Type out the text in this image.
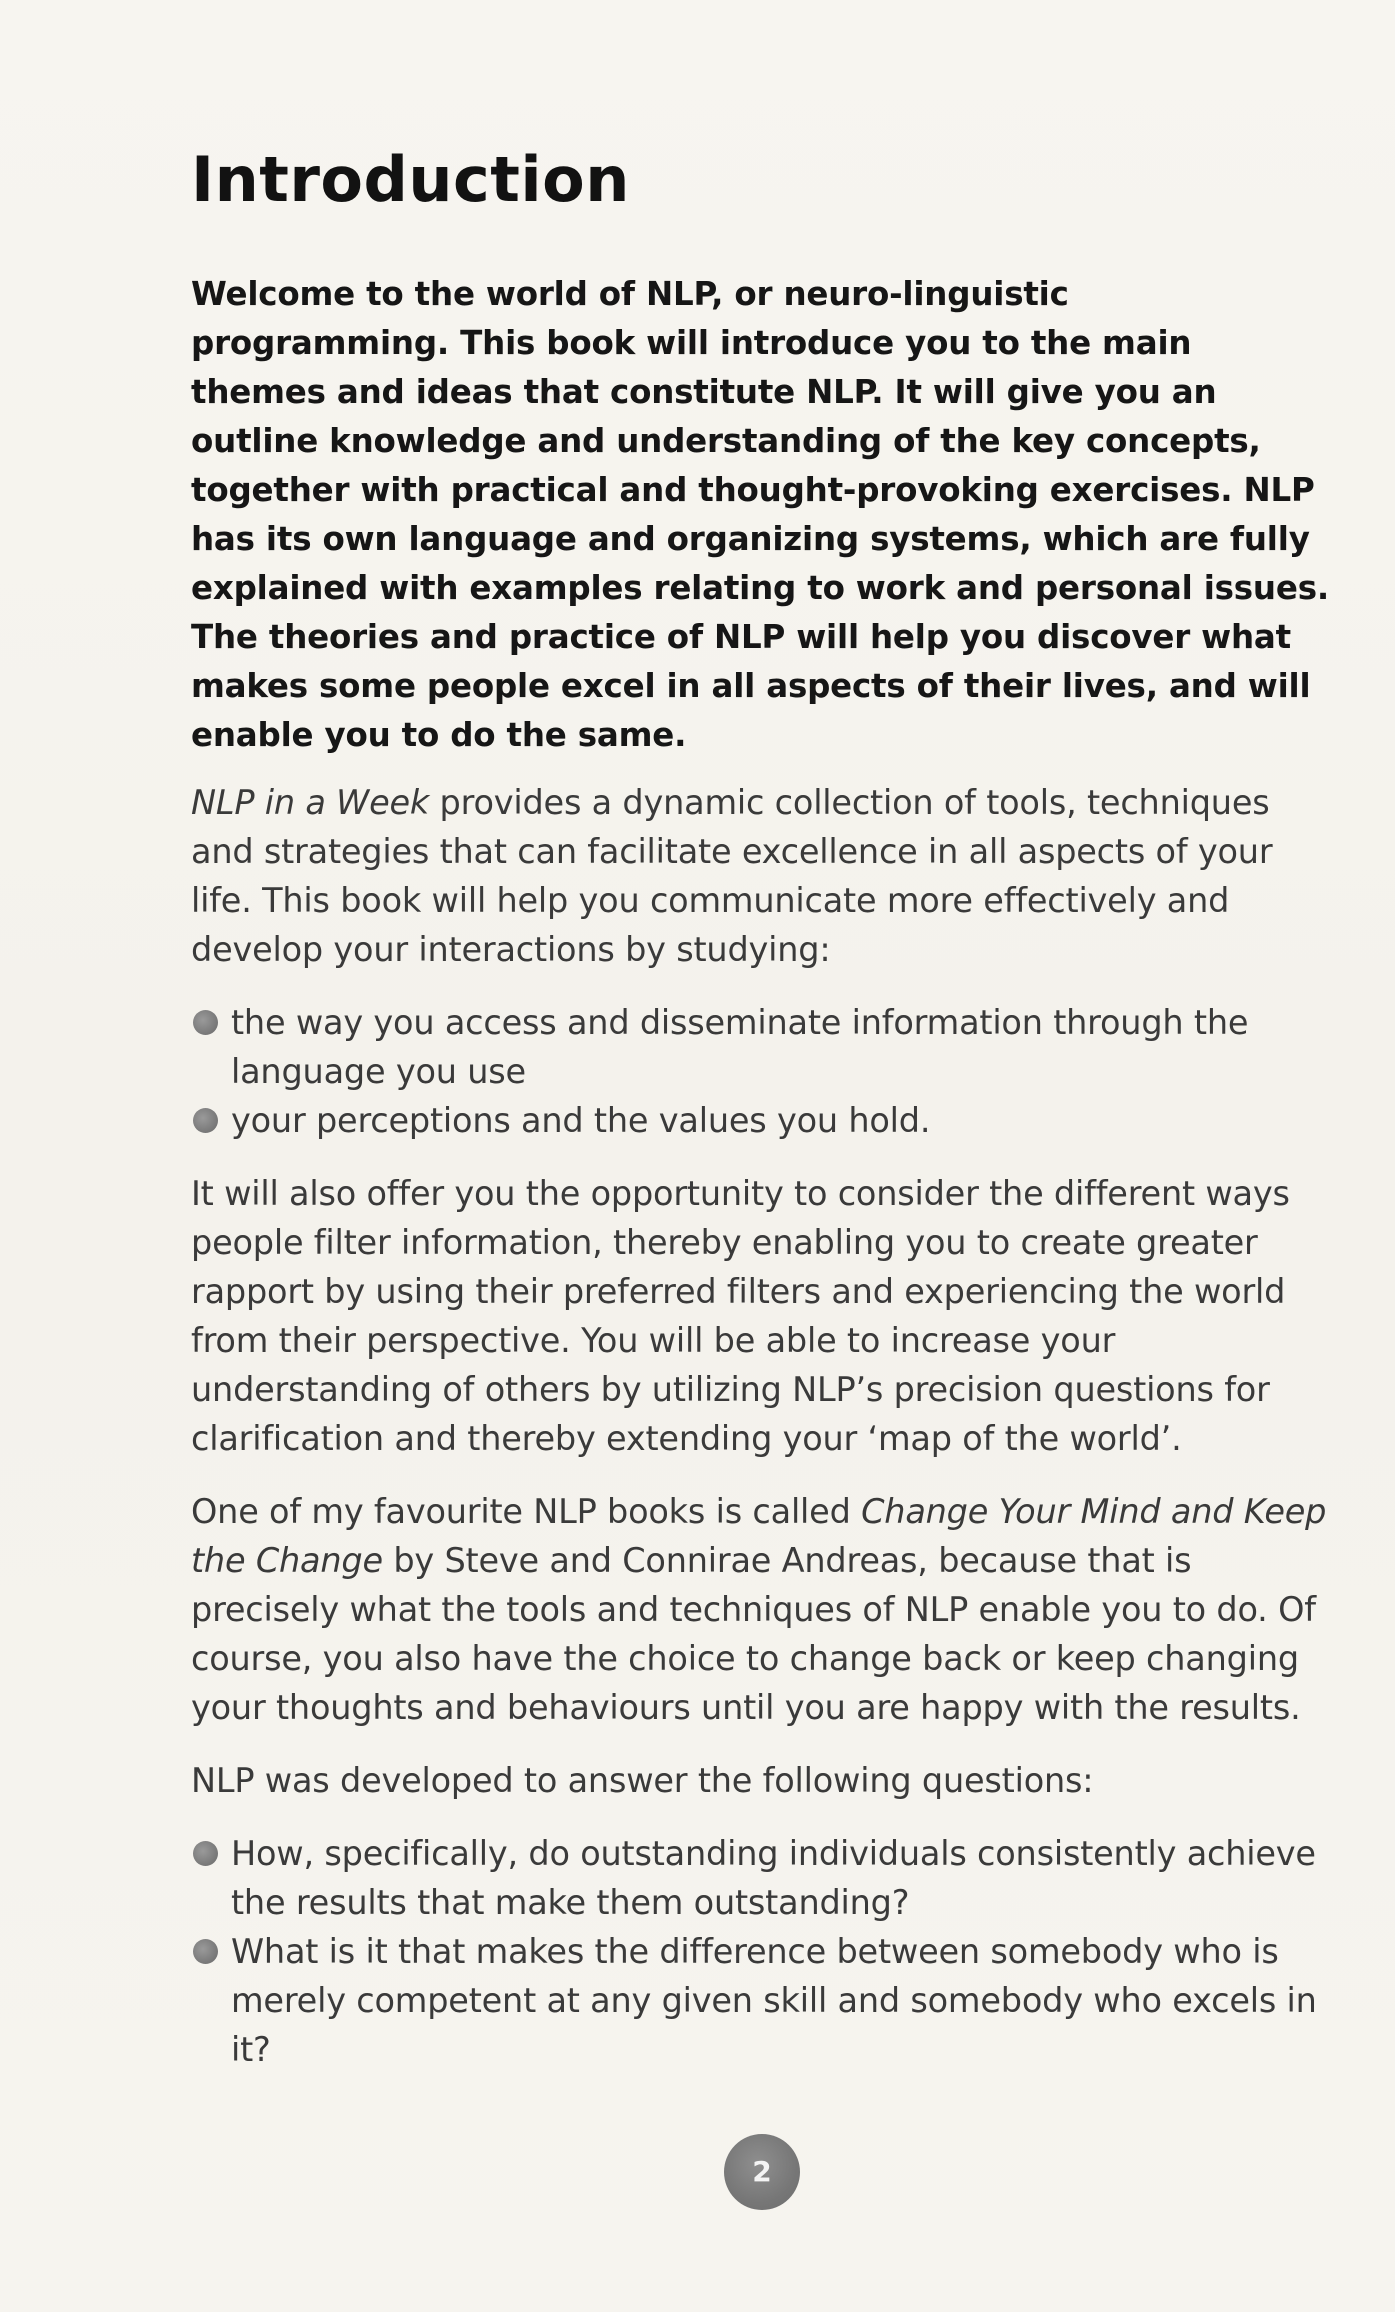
Introduction

Welcome to the world of NLP, or neuro-linguistic programming. This book will introduce you to the main themes and ideas that constitute NLP. It will give you an outline knowledge and understanding of the key concepts, together with practical and thought-provoking exercises. NLP has its own language and organizing systems, which are fully explained with examples relating to work and personal issues. The theories and practice of NLP will help you discover what makes some people excel in all aspects of their lives, and will enable you to do the same.

NLP in a Week provides a dynamic collection of tools, techniques and strategies that can facilitate excellence in all aspects of your life. This book will help you communicate more effectively and develop your interactions by studying:

the way you access and disseminate information through the language you use
your perceptions and the values you hold.

It will also offer you the opportunity to consider the different ways people filter information, thereby enabling you to create greater rapport by using their preferred filters and experiencing the world from their perspective. You will be able to increase your understanding of others by utilizing NLP’s precision questions for clarification and thereby extending your ‘map of the world’.

One of my favourite NLP books is called Change Your Mind and Keep the Change by Steve and Connirae Andreas, because that is precisely what the tools and techniques of NLP enable you to do. Of course, you also have the choice to change back or keep changing your thoughts and behaviours until you are happy with the results.

NLP was developed to answer the following questions:

How, specifically, do outstanding individuals consistently achieve the results that make them outstanding?
What is it that makes the difference between somebody who is merely competent at any given skill and somebody who excels in it?
2
